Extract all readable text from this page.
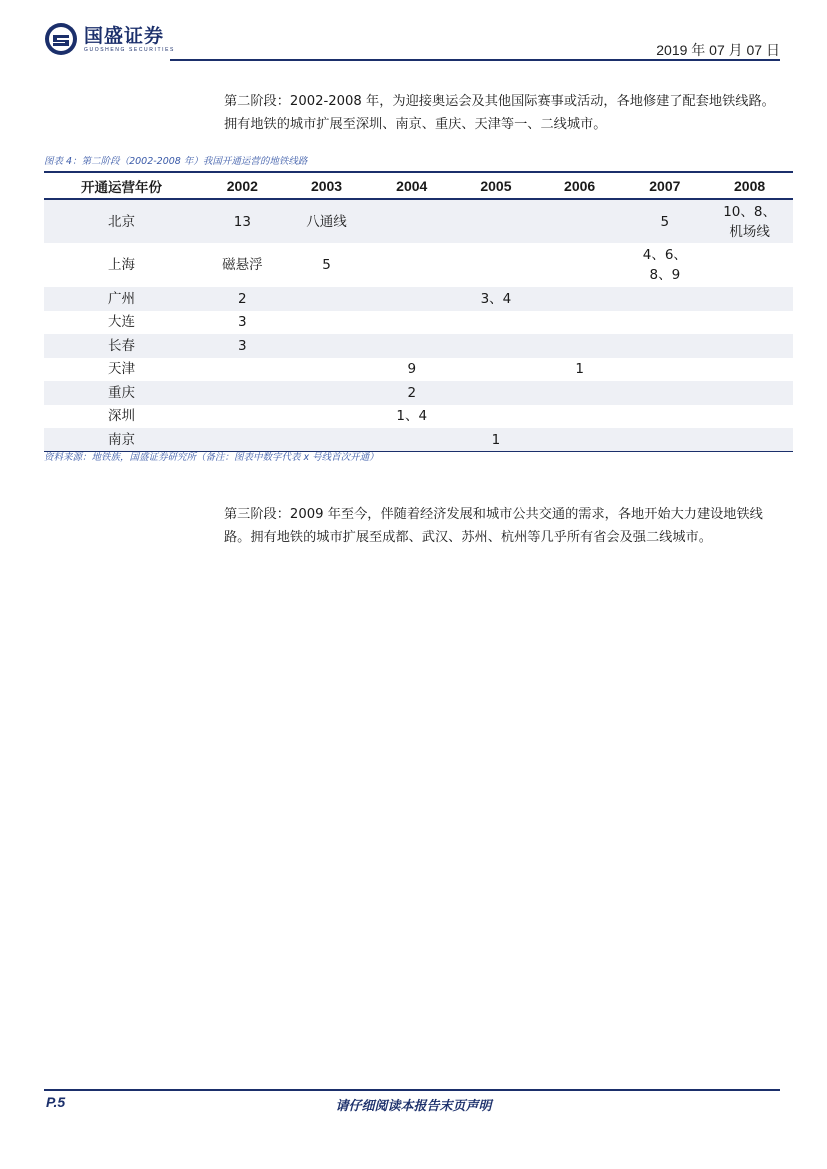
国盛证券
GUOSHENG SECURITIES	2019 年 07 月 07 日
第二阶段：2002-2008 年，为迎接奥运会及其他国际赛事或活动，各地修建了配套地铁线路。拥有地铁的城市扩展至深圳、南京、重庆、天津等一、二线城市。
图表 4：第二阶段（2002-2008 年）我国开通运营的地铁线路
开通运营年份	2002	2003	2004	2005	2006	2007	2008
北京	13	八通线				5	10、8、
机场线
上海	磁悬浮	5				4、6、
8、9	
广州	2			3、4			
大连	3						
长春	3						
天津			9		1		
重庆			2				
深圳			1、4				
南京				1			
资料来源：地铁族，国盛证券研究所（备注：图表中数字代表 x 号线首次开通）
第三阶段：2009 年至今，伴随着经济发展和城市公共交通的需求，各地开始大力建设地铁线路。拥有地铁的城市扩展至成都、武汉、苏州、杭州等几乎所有省会及强二线城市。
P.5	请仔细阅读本报告末页声明
